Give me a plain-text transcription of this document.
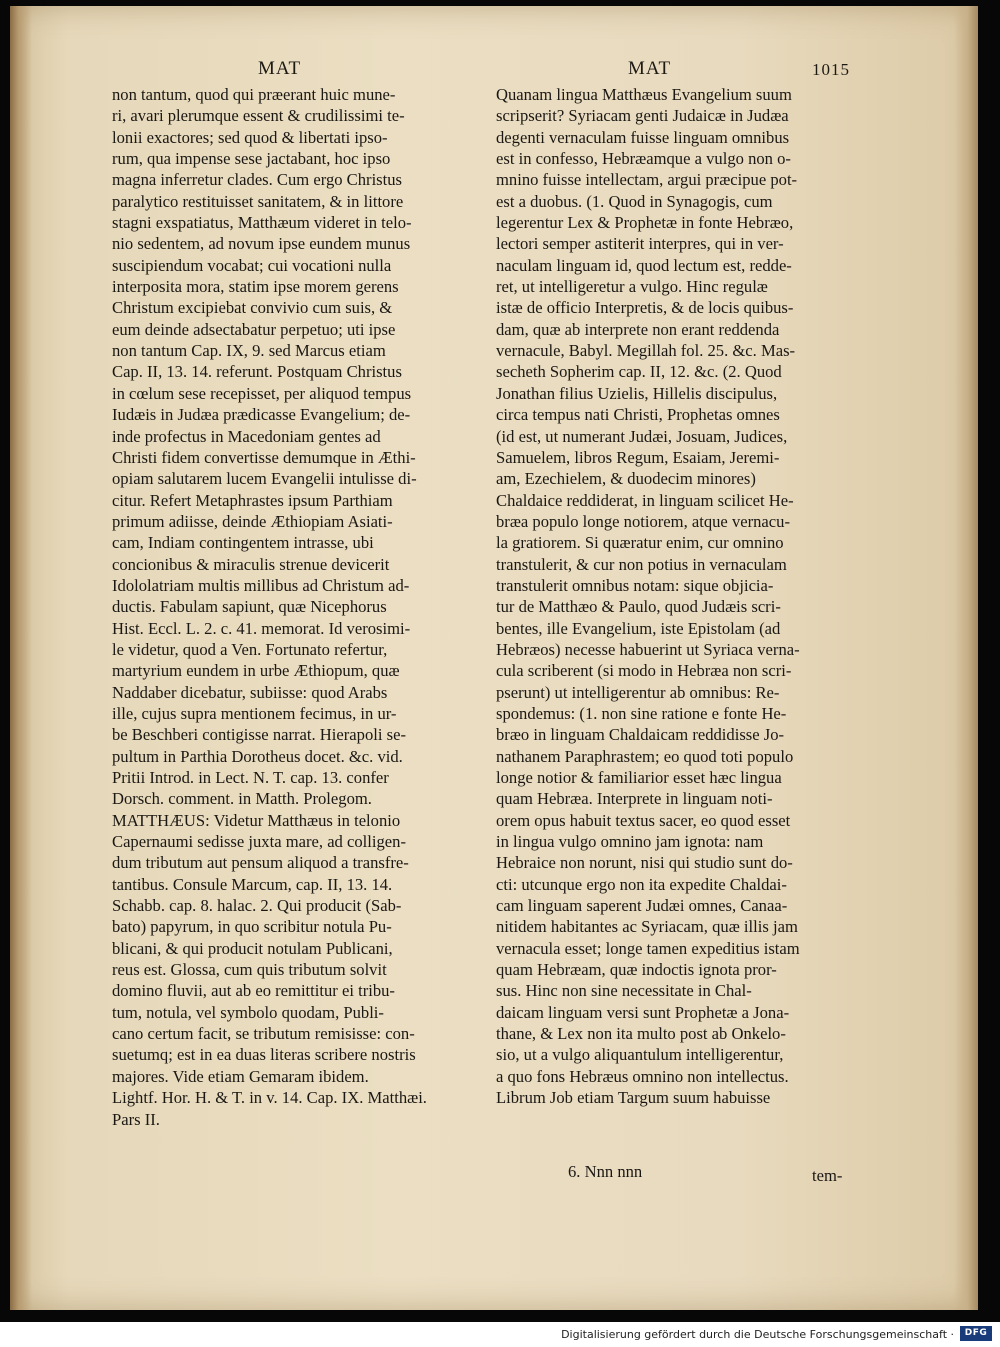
MAT	MAT	1015
non tantum, quod qui præerant huic mune-
ri, avari plerumque essent & crudilissimi te-
lonii exactores; sed quod & libertati ipso-
rum, qua impense sese jactabant, hoc ipso
magna inferretur clades. Cum ergo Christus
paralytico restituisset sanitatem, & in littore
stagni exspatiatus, Matthæum videret in telo-
nio sedentem, ad novum ipse eundem munus
suscipiendum vocabat; cui vocationi nulla
interposita mora, statim ipse morem gerens
Christum excipiebat convivio cum suis, &
eum deinde adsectabatur perpetuo; uti ipse
non tantum Cap. IX, 9. sed Marcus etiam
Cap. II, 13. 14. referunt. Postquam Christus
in cœlum sese recepisset, per aliquod tempus
Iudæis in Judæa prædicasse Evangelium; de-
inde profectus in Macedoniam gentes ad
Christi fidem convertisse demumque in Æthi-
opiam salutarem lucem Evangelii intulisse di-
citur. Refert Metaphrastes ipsum Parthiam
primum adiisse, deinde Æthiopiam Asiati-
cam, Indiam contingentem intrasse, ubi
concionibus & miraculis strenue devicerit
Idololatriam multis millibus ad Christum ad-
ductis. Fabulam sapiunt, quæ Nicephorus
Hist. Eccl. L. 2. c. 41. memorat. Id verosimi-
le videtur, quod a Ven. Fortunato refertur,
martyrium eundem in urbe Æthiopum, quæ
Naddaber dicebatur, subiisse: quod Arabs
ille, cujus supra mentionem fecimus, in ur-
be Beschberi contigisse narrat. Hierapoli se-
pultum in Parthia Dorotheus docet. &c. vid.
Pritii Introd. in Lect. N. T. cap. 13. confer
Dorsch. comment. in Matth. Prolegom.
MATTHÆUS: Videtur Matthæus in telonio
Capernaumi sedisse juxta mare, ad colligen-
dum tributum aut pensum aliquod a transfre-
tantibus. Consule Marcum, cap. II, 13. 14.
Schabb. cap. 8. halac. 2. Qui producit (Sab-
bato) papyrum, in quo scribitur notula Pu-
blicani, & qui producit notulam Publicani,
reus est. Glossa, cum quis tributum solvit
domino fluvii, aut ab eo remittitur ei tribu-
tum, notula, vel symbolo quodam, Publi-
cano certum facit, se tributum remisisse: con-
suetumq; est in ea duas literas scribere nostris
majores. Vide etiam Gemaram ibidem.
Lightf. Hor. H. & T. in v. 14. Cap. IX. Matthæi.
Pars II.
Quanam lingua Matthæus Evangelium suum
scripserit? Syriacam genti Judaicæ in Judæa
degenti vernaculam fuisse linguam omnibus
est in confesso, Hebræamque a vulgo non o-
mnino fuisse intellectam, argui præcipue pot-
est a duobus. (1. Quod in Synagogis, cum
legerentur Lex & Prophetæ in fonte Hebræo,
lectori semper astiterit interpres, qui in ver-
naculam linguam id, quod lectum est, redde-
ret, ut intelligeretur a vulgo. Hinc regulæ
istæ de officio Interpretis, & de locis quibus-
dam, quæ ab interprete non erant reddenda
vernacule, Babyl. Megillah fol. 25. &c. Mas-
secheth Sopherim cap. II, 12. &c. (2. Quod
Jonathan filius Uzielis, Hillelis discipulus,
circa tempus nati Christi, Prophetas omnes
(id est, ut numerant Judæi, Josuam, Judices,
Samuelem, libros Regum, Esaiam, Jeremi-
am, Ezechielem, & duodecim minores)
Chaldaice reddiderat, in linguam scilicet He-
bræa populo longe notiorem, atque vernacu-
la gratiorem. Si quæratur enim, cur omnino
transtulerit, & cur non potius in vernaculam
transtulerit omnibus notam: sique objicia-
tur de Matthæo & Paulo, quod Judæis scri-
bentes, ille Evangelium, iste Epistolam (ad
Hebræos) necesse habuerint ut Syriaca verna-
cula scriberent (si modo in Hebræa non scri-
pserunt) ut intelligerentur ab omnibus: Re-
spondemus: (1. non sine ratione e fonte He-
bræo in linguam Chaldaicam reddidisse Jo-
nathanem Paraphrastem; eo quod toti populo
longe notior & familiarior esset hæc lingua
quam Hebræa. Interprete in linguam noti-
orem opus habuit textus sacer, eo quod esset
in lingua vulgo omnino jam ignota: nam
Hebraice non norunt, nisi qui studio sunt do-
cti: utcunque ergo non ita expedite Chaldai-
cam linguam saperent Judæi omnes, Canaa-
nitidem habitantes ac Syriacam, quæ illis jam
vernacula esset; longe tamen expeditius istam
quam Hebræam, quæ indoctis ignota pror-
sus. Hinc non sine necessitate in Chal-
daicam linguam versi sunt Prophetæ a Jona-
thane, & Lex non ita multo post ab Onkelo-
sio, ut a vulgo aliquantulum intelligerentur,
a quo fons Hebræus omnino non intellectus.
Librum Job etiam Targum suum habuisse
6. Nnn nnn	tem-
Digitalisierung gefördert durch die Deutsche Forschungsgemeinschaft ·	DFG
